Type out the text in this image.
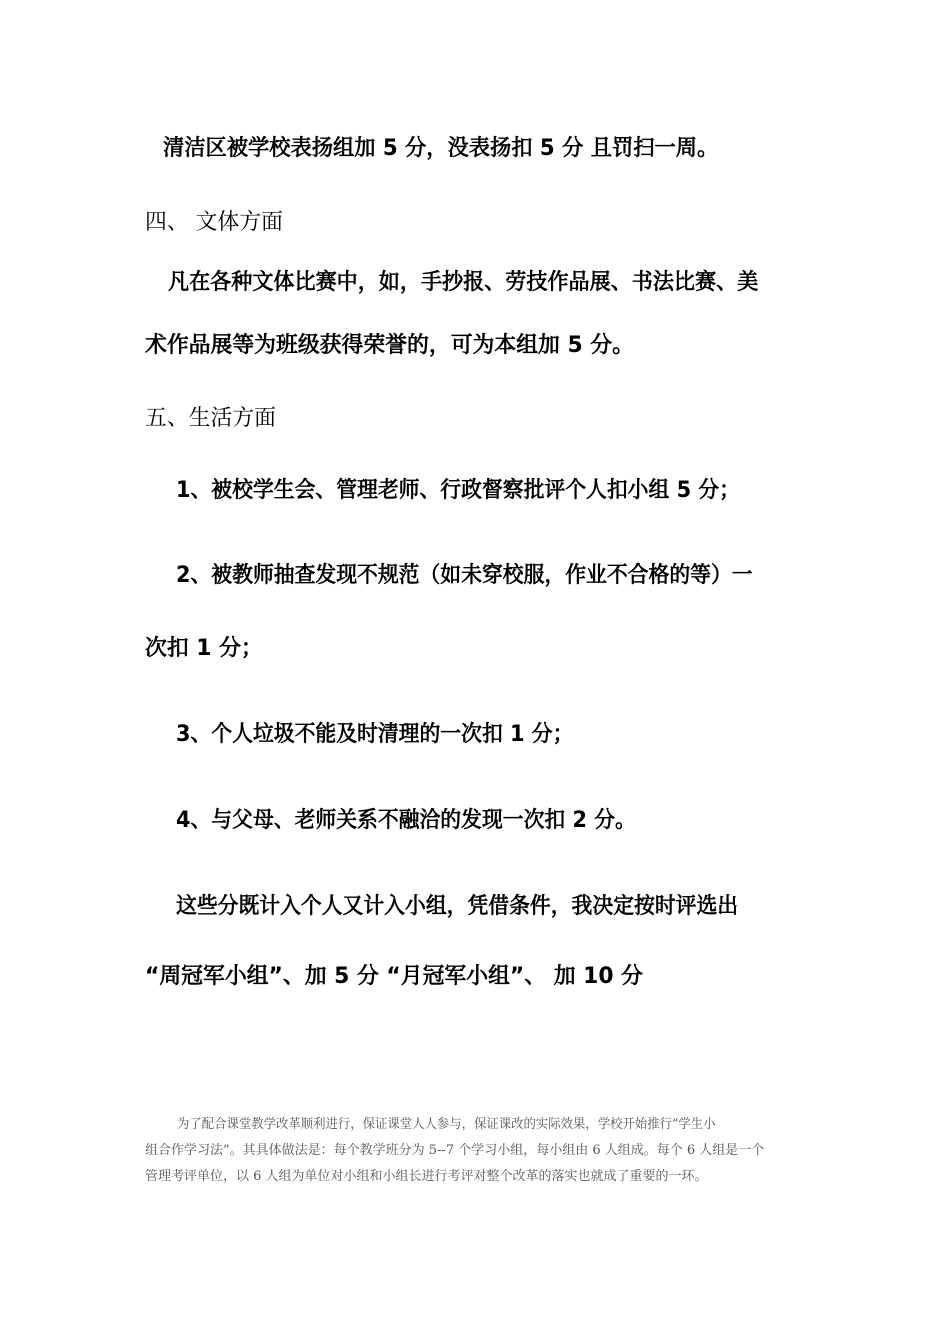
清洁区被学校表扬组加 5 分，没表扬扣 5 分 且罚扫一周。
四、 文体方面
凡在各种文体比赛中，如，手抄报、劳技作品展、书法比赛、美
术作品展等为班级获得荣誉的，可为本组加 5 分。
五、生活方面
1、被校学生会、管理老师、行政督察批评个人扣小组 5 分；
2、被教师抽查发现不规范（如未穿校服，作业不合格的等）一
次扣 1 分；
3、个人垃圾不能及时清理的一次扣 1 分；
4、与父母、老师关系不融洽的发现一次扣 2 分。
这些分既计入个人又计入小组，凭借条件，我决定按时评选出
“周冠军小组”、加 5 分 “月冠军小组”、 加 10 分
为了配合课堂教学改革顺利进行，保证课堂人人参与，保证课改的实际效果，学校开始推行“学生小
组合作学习法”。其具体做法是：每个教学班分为 5--7 个学习小组，每小组由 6 人组成。每个 6 人组是一个
管理考评单位，以 6 人组为单位对小组和小组长进行考评对整个改革的落实也就成了重要的一环。
